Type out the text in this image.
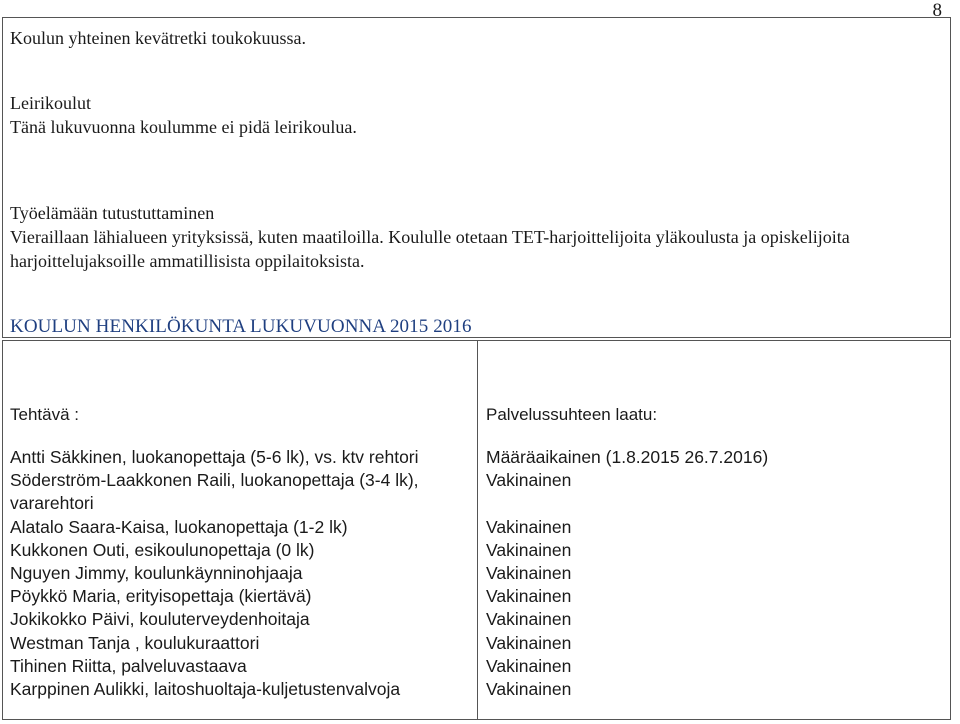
8
Koulun yhteinen kevätretki toukokuussa.
Leirikoulut
Tänä lukuvuonna koulumme ei pidä leirikoulua.
Työelämään tutustuttaminen
Vieraillaan lähialueen yrityksissä, kuten maatiloilla. Koululle otetaan TET-harjoittelijoita yläkoulusta ja opiskelijoita
harjoittelujaksoille ammatillisista oppilaitoksista.
KOULUN HENKILÖKUNTA LUKUVUONNA 2015 2016
Tehtävä :	Palvelussuhteen laatu:
Antti Säkkinen, luokanopettaja (5-6 lk), vs. ktv rehtori
Söderström-Laakkonen Raili, luokanopettaja (3-4 lk),
vararehtori
Alatalo Saara-Kaisa, luokanopettaja (1-2 lk)
Kukkonen Outi, esikoulunopettaja (0 lk)
Nguyen Jimmy, koulunkäynninohjaaja
Pöykkö Maria, erityisopettaja (kiertävä)
Jokikokko Päivi, kouluterveydenhoitaja
Westman Tanja , koulukuraattori
Tihinen Riitta, palveluvastaava
Karppinen Aulikki, laitoshuoltaja-kuljetustenvalvoja
Määräaikainen (1.8.2015 26.7.2016)
Vakinainen
Vakinainen
Vakinainen
Vakinainen
Vakinainen
Vakinainen
Vakinainen
Vakinainen
Vakinainen
